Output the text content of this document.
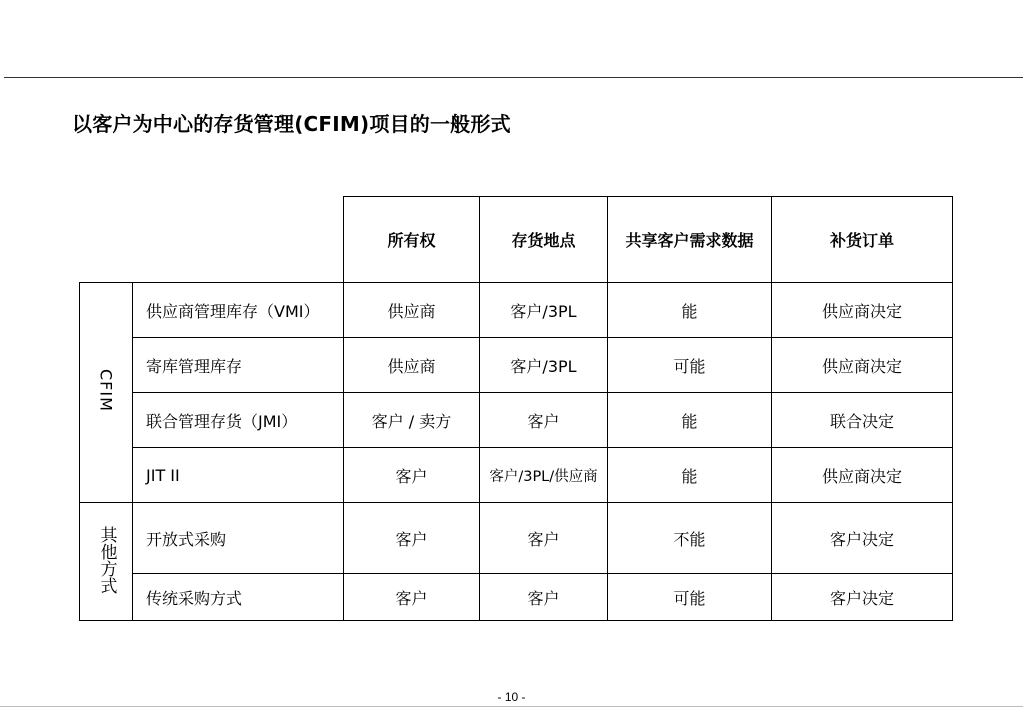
以客户为中心的存货管理(CFIM)项目的一般形式
		所有权	存货地点	共享客户需求数据	补货订单
CFIM	供应商管理库存（VMI）	供应商	客户/3PL	能	供应商决定
	寄库管理库存	供应商	客户/3PL	可能	供应商决定
	联合管理存货（JMI）	客户 / 卖方	客户	能	联合决定
	JIT II	客户	客户/3PL/供应商	能	供应商决定
其他方式	开放式采购	客户	客户	不能	客户决定
	传统采购方式	客户	客户	可能	客户决定
- 10 -
